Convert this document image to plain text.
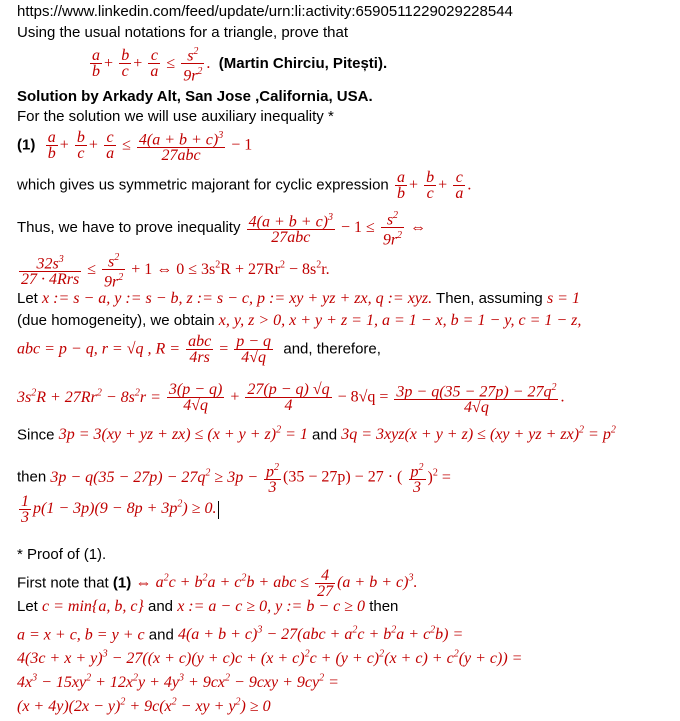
https://www.linkedin.com/feed/update/urn:li:activity:6590511229029228544
Using the usual notations for a triangle, prove that
$\frac{a}{b} + \frac{b}{c} + \frac{c}{a} \le \frac{s^2}{9r^2}$ . (Martin Chirciu, Pitești).
Solution by Arkady Alt, San Jose ,California, USA.
For the solution we will use auxiliary inequality *
$(1) \frac{a}{b} + \frac{b}{c} + \frac{c}{a} \le \frac{4(a + b + c)^3}{\text{27abc}} - 1$
which gives us symmetric majorant for cyclic expression $\frac{a}{b} + \frac{b}{c} + \frac{c}{a}$ .
Thus, we have to prove inequality $\frac{4(a + b + c)^3}{\text{27abc}} - 1 \le \frac{s^2}{9r^2}$ ⇔
$\frac{32s^3}{\text{27 · 4Rrs}} \le \frac{s^2}{9r^2} + 1$ ⇔ $0 \le 3s^2R + 27Rr^2 - 8s^2r$.
Let x := s − a, y := s − b, z := s − c, p := xy + yz + zx, q := xyz. Then, assuming s = 1
(due homogeneity), we obtain x, y, z > 0, x + y + z = 1, a = 1 − x, b = 1 − y, c = 1 − z,
abc = p − q, r = √q , $R = \frac{\text{abc}}{4rs} = \frac{p - q}{4√q}$ and, therefore,
$3s^2R + 27Rr^2 - 8s^2r = \frac{3(p - q)}{4√q} + \frac{27(p - q) √q}{4} - 8√q = \frac{3p - q(35 - 27p) - 27q^2}{4√q}$ .
Since 3p = 3(xy + yz + $zx) \le (x + y + z)^2 = 1$ and 3q = 3xyz(x + y + z) ≤ (xy + yz + $zx)^2 = p^2$
then $3p - q(35 - 27p) - 27q^2 \ge 3p - \frac{p^2}{3} (35 - 27p) - 27$ · ( $\frac{p^2}{3} )^2$ =
$\frac{1}{3} p(1 - 3p)(9 - 8p + 3p^2) \ge 0$.
* Proof of (1).
First note that (1) ⇔ $a^2c + b^2a + c^2b$ + abc ≤ $\frac{4}{27} (a + b + c)^3$.
Let c = min{a, b, c} and x := a − c ≥ 0, y := b − c ≥ 0 then
a = x + c, b = y + c and $4(a + b + c)^3 - 27(abc + a^2c + b^2a + c^2b)$ =
$4(3c + x + y)^3 - 27((x + c)(y + c)c + (x + c)^2c + (y + c)^2(x + c) + c^2(y + c))$ =
$4x^3 - 15xy^2 + 12x^2y + 4y^3 + 9cx^2 - 9cxy + 9cy^2$ =
$(x + 4y)(2x - y)^2 + 9c(x^2$ − xy + $y^2) \ge 0$
